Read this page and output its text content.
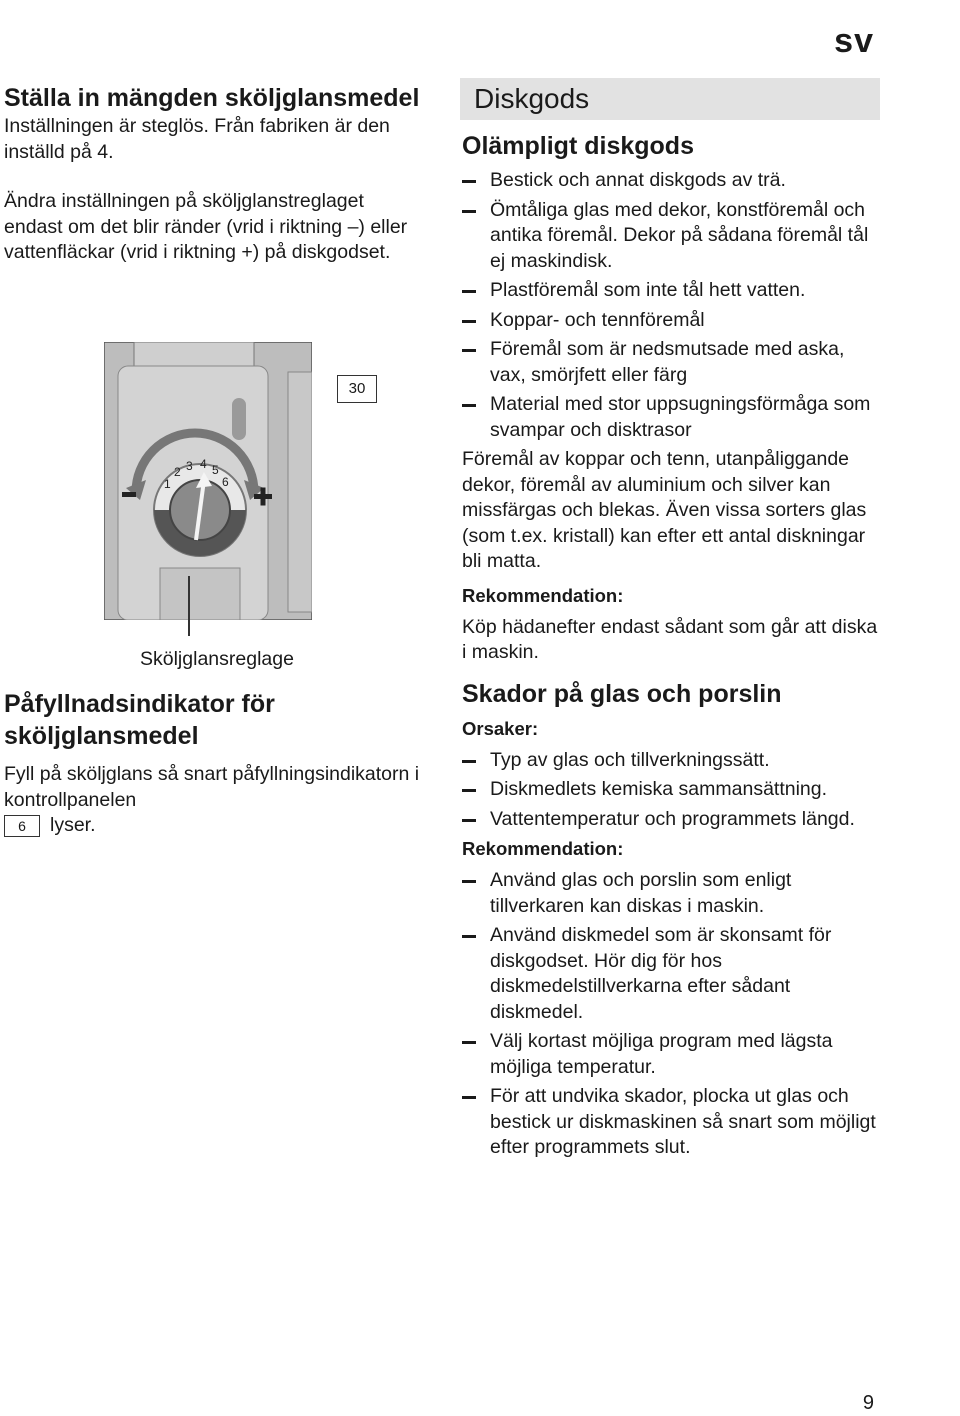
sv
Ställa in mängden sköljglansmedel

Inställningen är steglös. Från fabriken är den inställd på 4.

Ändra inställningen på sköljglanstreglaget endast om det blir ränder (vrid i riktning –) eller vattenfläckar (vrid i riktning +) på diskgodset.

1
2 3 4 5
6
30
Sköljglansreglage
Påfyllnadsindikator för sköljglansmedel

Fyll på sköljglans så snart påfyllningsindikatorn i kontrollpanelen
6 lyser.

Diskgods
Olämpligt diskgods
Bestick och annat diskgods av trä.
Ömtåliga glas med dekor, konstföremål och antika föremål. Dekor på sådana föremål tål ej maskindisk.
Plastföremål som inte tål hett vatten.
Koppar- och tennföremål
Föremål som är nedsmutsade med aska, vax, smörjfett eller färg
Material med stor uppsugningsförmåga som svampar och disktrasor

Föremål av koppar och tenn, utanpåliggande dekor, föremål av aluminium och silver kan missfärgas och blekas. Även vissa sorters glas (som t.ex. kristall) kan efter ett antal diskningar bli matta.

Rekommendation:

Köp hädanefter endast sådant som går att diska i maskin.

Skador på glas och porslin
Orsaker:
Typ av glas och tillverkningssätt.
Diskmedlets kemiska sammansättning.
Vattentemperatur och programmets längd.
Rekommendation:
Använd glas och porslin som enligt tillverkaren kan diskas i maskin.
Använd diskmedel som är skonsamt för diskgodset. Hör dig för hos diskmedelstillverkarna efter sådant diskmedel.
Välj kortast möjliga program med lägsta möjliga temperatur.
För att undvika skador, plocka ut glas och bestick ur diskmaskinen så snart som möjligt efter programmets slut.
9
